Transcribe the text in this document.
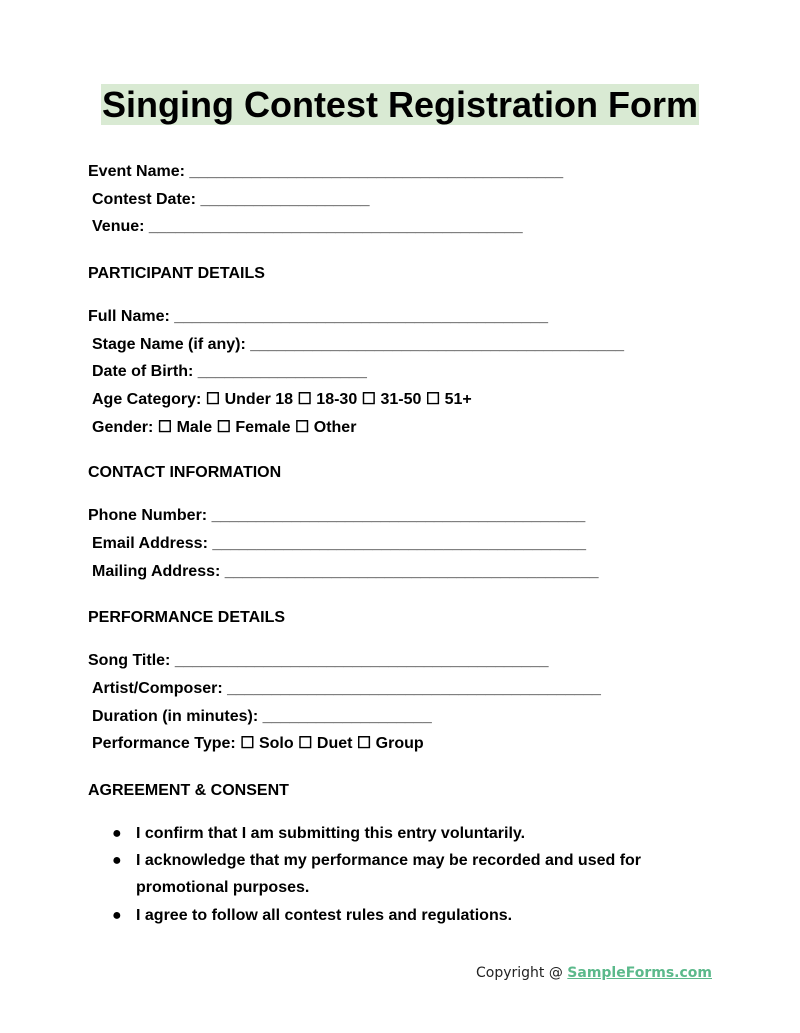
Singing Contest Registration Form
Event Name: __________________________________________
Contest Date: ___________________
Venue: __________________________________________
PARTICIPANT DETAILS
Full Name: __________________________________________
Stage Name (if any): __________________________________________
Date of Birth: ___________________
Age Category: ☐ Under 18 ☐ 18-30 ☐ 31-50 ☐ 51+
Gender: ☐ Male ☐ Female ☐ Other
CONTACT INFORMATION
Phone Number: __________________________________________
Email Address: __________________________________________
Mailing Address: __________________________________________
PERFORMANCE DETAILS
Song Title: __________________________________________
Artist/Composer: __________________________________________
Duration (in minutes): ___________________
Performance Type: ☐ Solo ☐ Duet ☐ Group
AGREEMENT & CONSENT
● I confirm that I am submitting this entry voluntarily.
● I acknowledge that my performance may be recorded and used for promotional purposes.
● I agree to follow all contest rules and regulations.
Copyright @ SampleForms.com
